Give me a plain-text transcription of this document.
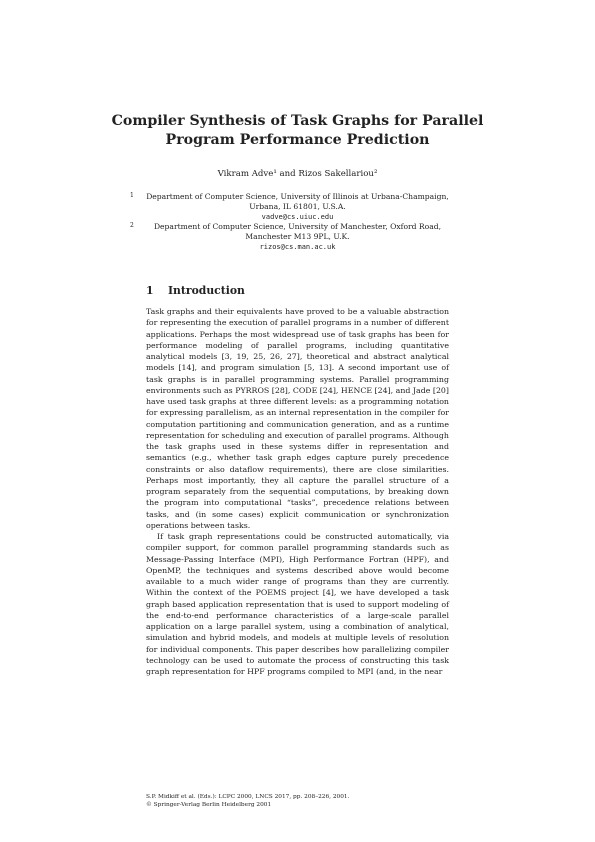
Compiler Synthesis of Task Graphs for Parallel Program Performance Prediction
Vikram Adve¹ and Rizos Sakellariou²
1	Department of Computer Science, University of Illinois at Urbana-Champaign,
Urbana, IL 61801, U.S.A.
vadve@cs.uiuc.edu
2	Department of Computer Science, University of Manchester, Oxford Road,
Manchester M13 9PL, U.K.
rizos@cs.man.ac.uk
1 Introduction

Task graphs and their equivalents have proved to be a valuable abstraction for representing the execution of parallel programs in a number of different applications. Perhaps the most widespread use of task graphs has been for performance modeling of parallel programs, including quantitative analytical models [3, 19, 25, 26, 27], theoretical and abstract analytical models [14], and program simulation [5, 13]. A second important use of task graphs is in parallel programming systems. Parallel programming environments such as PYRROS [28], CODE [24], HENCE [24], and Jade [20] have used task graphs at three different levels: as a programming notation for expressing parallelism, as an internal representation in the compiler for computation partitioning and communication generation, and as a runtime representation for scheduling and execution of parallel programs. Although the task graphs used in these systems differ in representation and semantics (e.g., whether task graph edges capture purely precedence constraints or also dataflow requirements), there are close similarities. Perhaps most importantly, they all capture the parallel structure of a program separately from the sequential computations, by breaking down the program into computational “tasks”, precedence relations between tasks, and (in some cases) explicit communication or synchronization operations between tasks.

If task graph representations could be constructed automatically, via compiler support, for common parallel programming standards such as Message-Passing Interface (MPI), High Performance Fortran (HPF), and OpenMP, the techniques and systems described above would become available to a much wider range of programs than they are currently. Within the context of the POEMS project [4], we have developed a task graph based application representation that is used to support modeling of the end-to-end performance characteristics of a large-scale parallel application on a large parallel system, using a combination of analytical, simulation and hybrid models, and models at multiple levels of resolution for individual components. This paper describes how parallelizing compiler technology can be used to automate the process of constructing this task graph representation for HPF programs compiled to MPI (and, in the near

S.P. Midkiff et al. (Eds.): LCPC 2000, LNCS 2017, pp. 208–226, 2001.
© Springer-Verlag Berlin Heidelberg 2001
